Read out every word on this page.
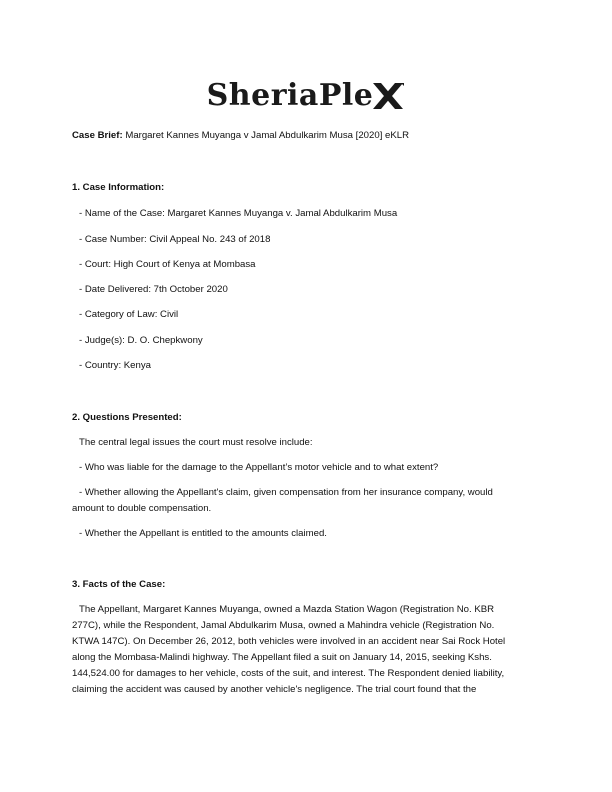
SheriaPle
Case Brief: Margaret Kannes Muyanga v Jamal Abdulkarim Musa [2020] eKLR
1. Case Information:
- Name of the Case: Margaret Kannes Muyanga v. Jamal Abdulkarim Musa
- Case Number: Civil Appeal No. 243 of 2018
- Court: High Court of Kenya at Mombasa
- Date Delivered: 7th October 2020
- Category of Law: Civil
- Judge(s): D. O. Chepkwony
- Country: Kenya
2. Questions Presented:
The central legal issues the court must resolve include:
- Who was liable for the damage to the Appellant’s motor vehicle and to what extent?
- Whether allowing the Appellant's claim, given compensation from her insurance company, would
amount to double compensation.
- Whether the Appellant is entitled to the amounts claimed.
3. Facts of the Case:
The Appellant, Margaret Kannes Muyanga, owned a Mazda Station Wagon (Registration No. KBR
277C), while the Respondent, Jamal Abdulkarim Musa, owned a Mahindra vehicle (Registration No.
KTWA 147C). On December 26, 2012, both vehicles were involved in an accident near Sai Rock Hotel
along the Mombasa-Malindi highway. The Appellant filed a suit on January 14, 2015, seeking Kshs.
144,524.00 for damages to her vehicle, costs of the suit, and interest. The Respondent denied liability,
claiming the accident was caused by another vehicle's negligence. The trial court found that the
